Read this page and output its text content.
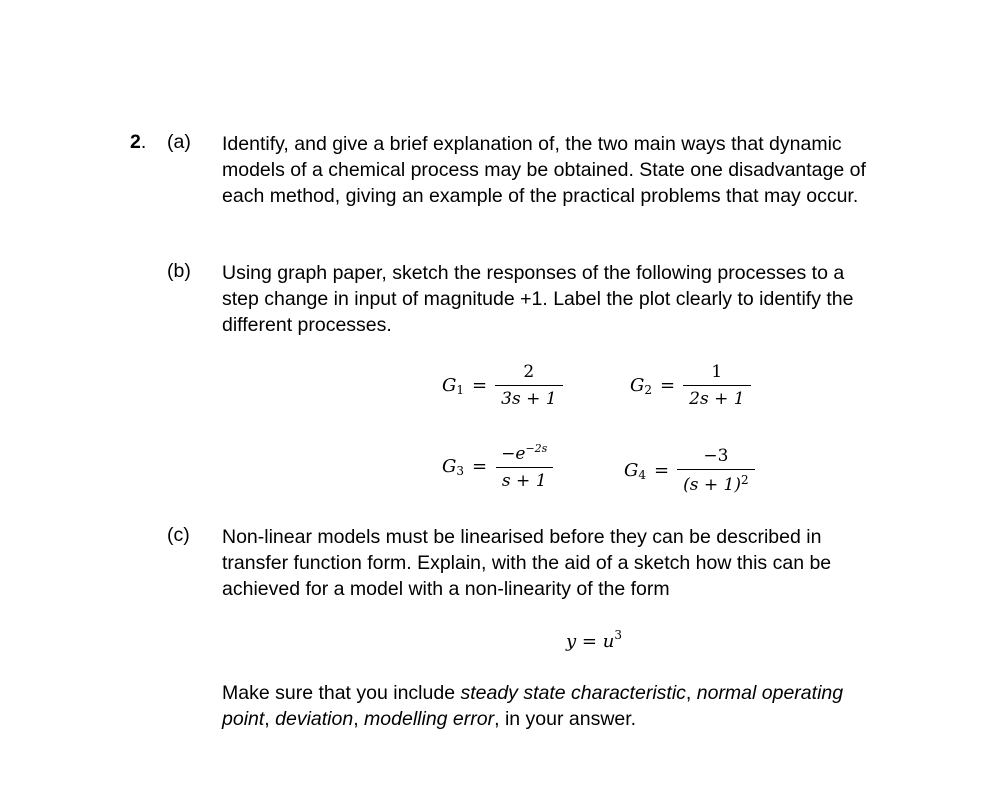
2. (a) Identify, and give a brief explanation of, the two main ways that dynamic
models of a chemical process may be obtained. State one disadvantage of
each method, giving an example of the practical problems that may occur.
(b) Using graph paper, sketch the responses of the following processes to a
step change in input of magnitude +1. Label the plot clearly to identify the
different processes.
$G_1 = \frac{2}{3s + 1}$	$G_2 = \frac{1}{2s + 1}$
$G_3 = \frac{-e^{-2s}}{s + 1}$	$G_4 = \frac{-3}{(s + 1)^2}$
(c) Non-linear models must be linearised before they can be described in
transfer function form. Explain, with the aid of a sketch how this can be
achieved for a model with a non-linearity of the form
$y = u^3$
Make sure that you include steady state characteristic, normal operating
point, deviation, modelling error, in your answer.
